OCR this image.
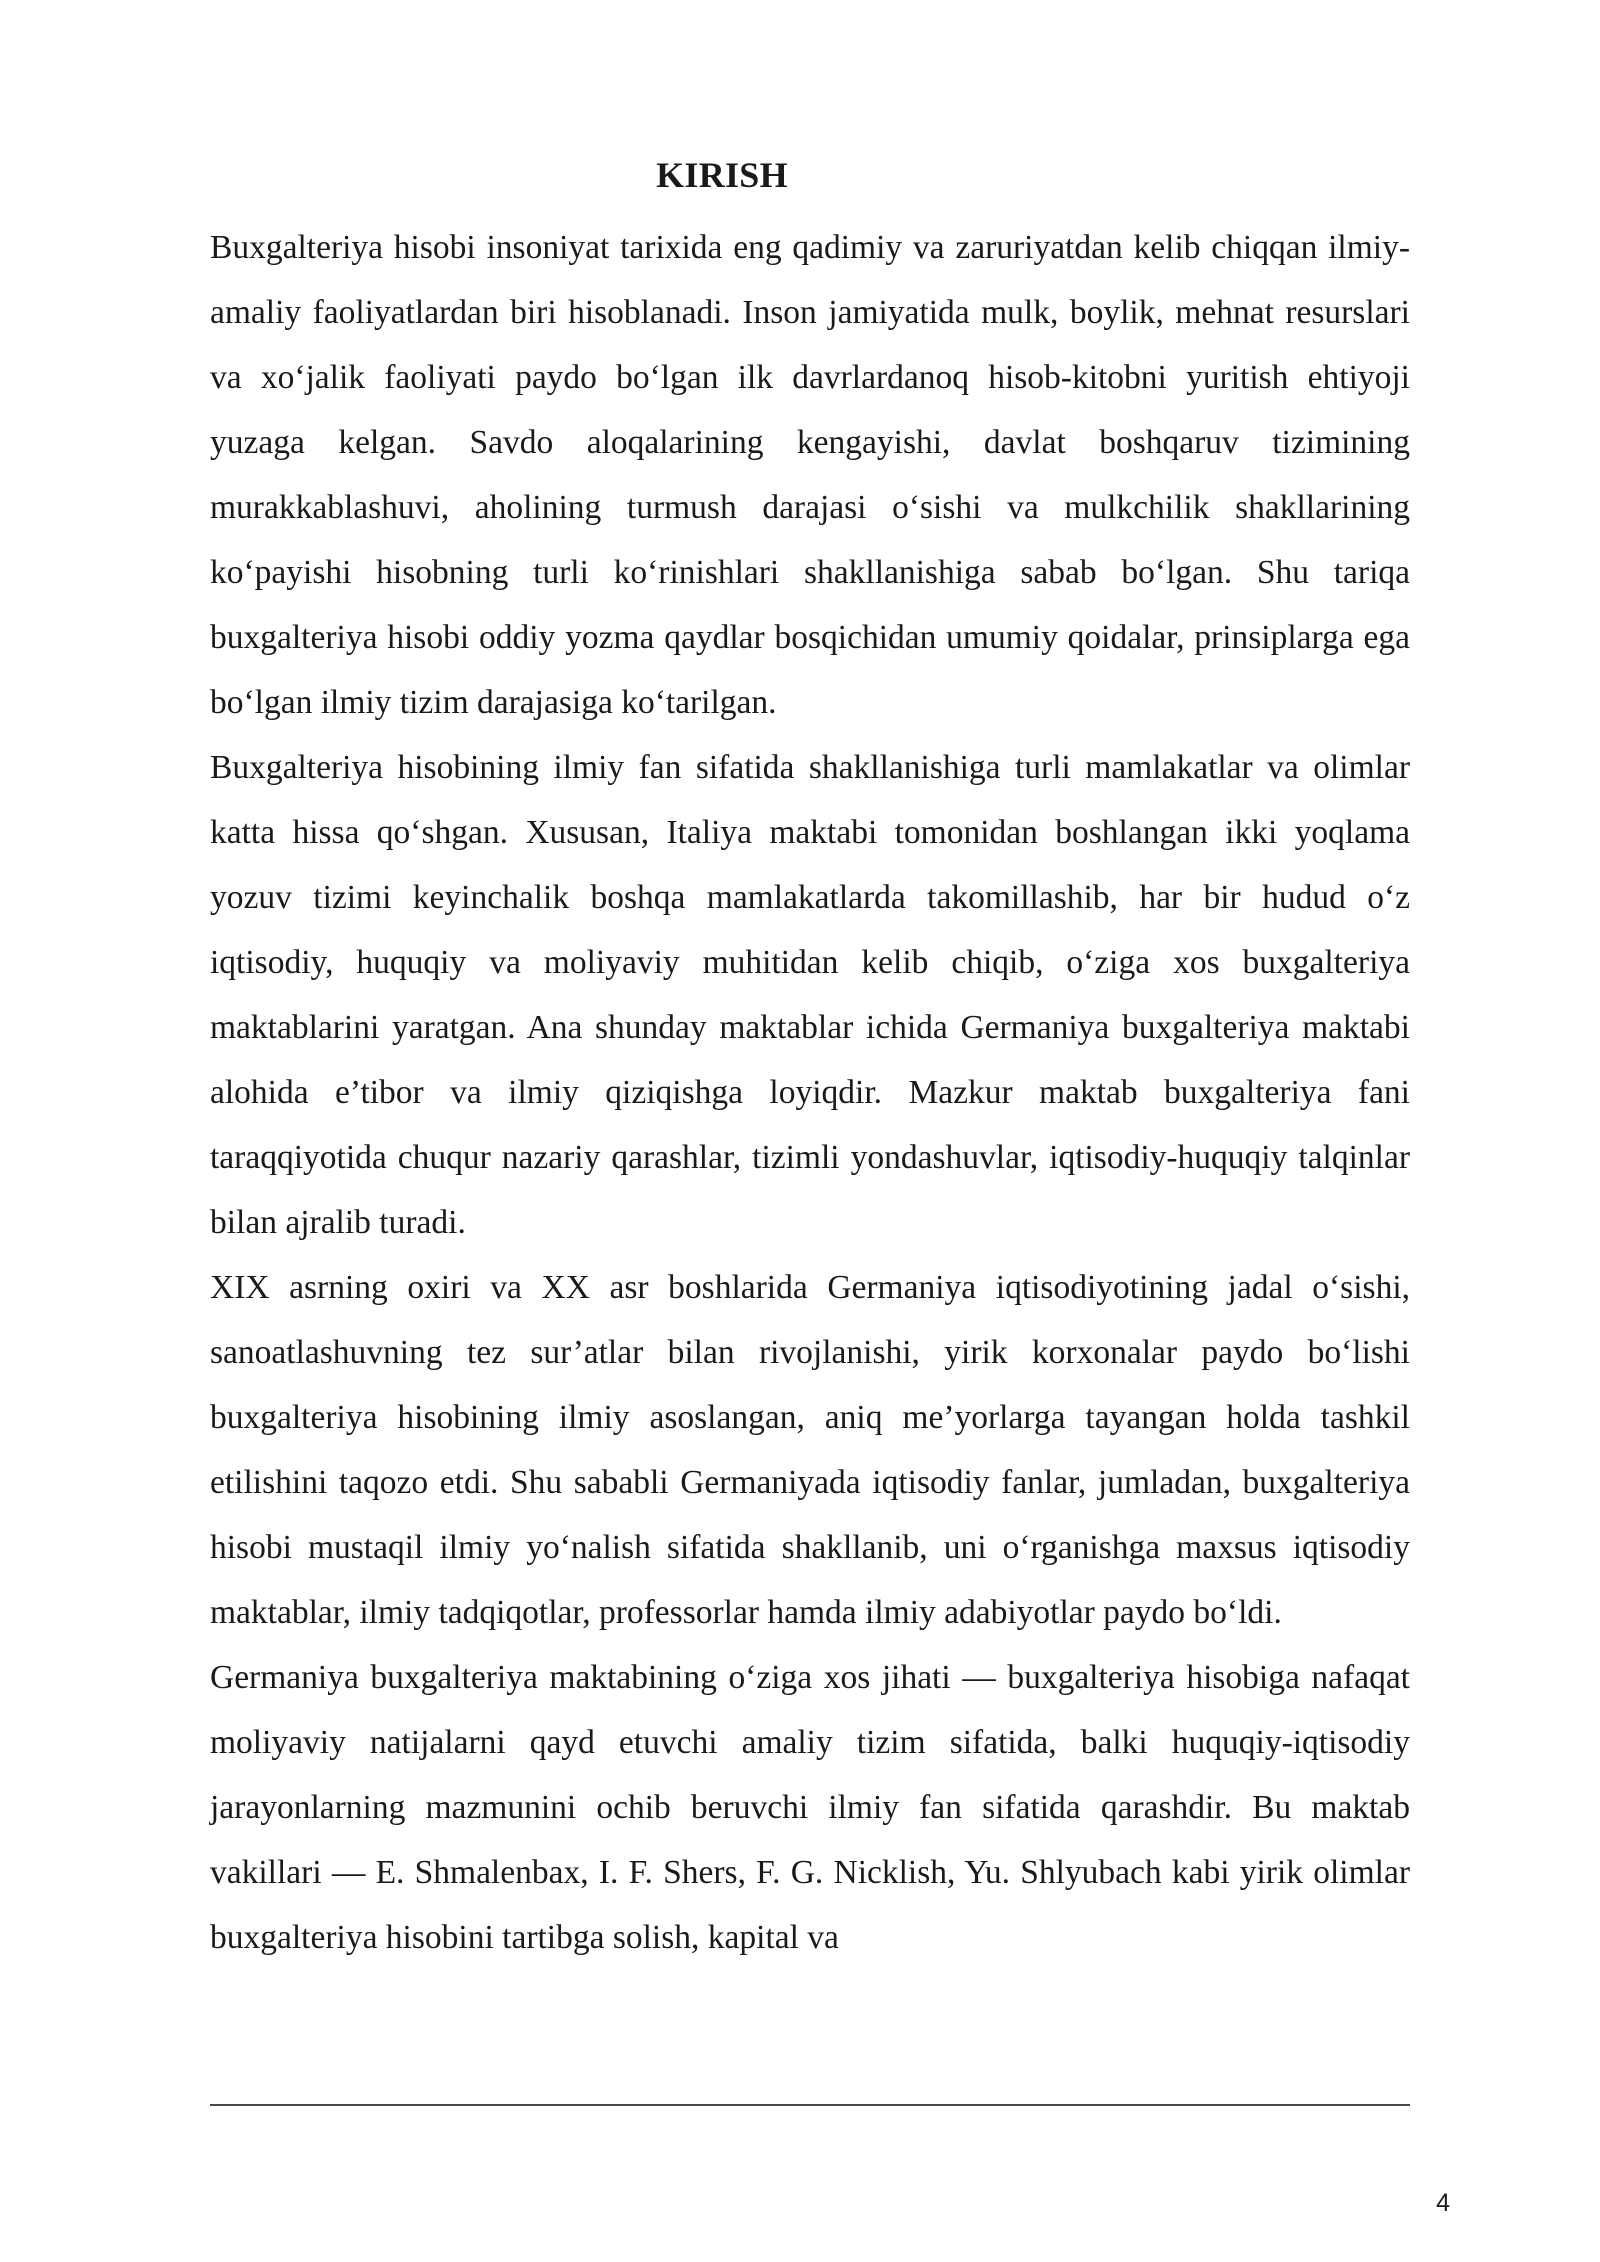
KIRISH

Buxgalteriya hisobi insoniyat tarixida eng qadimiy va zaruriyatdan kelib chiqqan ilmiy-amaliy faoliyatlardan biri hisoblanadi. Inson jamiyatida mulk, boylik, mehnat resurslari va xo‘jalik faoliyati paydo bo‘lgan ilk davrlardanoq hisob-kitobni yuritish ehtiyoji yuzaga kelgan. Savdo aloqalarining kengayishi, davlat boshqaruv tizimining murakkablashuvi, aholining turmush darajasi o‘sishi va mulkchilik shakllarining ko‘payishi hisobning turli ko‘rinishlari shakllanishiga sabab bo‘lgan. Shu tariqa buxgalteriya hisobi oddiy yozma qaydlar bosqichidan umumiy qoidalar, prinsiplarga ega bo‘lgan ilmiy tizim darajasiga ko‘tarilgan.

Buxgalteriya hisobining ilmiy fan sifatida shakllanishiga turli mamlakatlar va olimlar katta hissa qo‘shgan. Xususan, Italiya maktabi tomonidan boshlangan ikki yoqlama yozuv tizimi keyinchalik boshqa mamlakatlarda takomillashib, har bir hudud o‘z iqtisodiy, huquqiy va moliyaviy muhitidan kelib chiqib, o‘ziga xos buxgalteriya maktablarini yaratgan. Ana shunday maktablar ichida Germaniya buxgalteriya maktabi alohida e’tibor va ilmiy qiziqishga loyiqdir. Mazkur maktab buxgalteriya fani taraqqiyotida chuqur nazariy qarashlar, tizimli yondashuvlar, iqtisodiy-huquqiy talqinlar bilan ajralib turadi.

XIX asrning oxiri va XX asr boshlarida Germaniya iqtisodiyotining jadal o‘sishi, sanoatlashuvning tez sur’atlar bilan rivojlanishi, yirik korxonalar paydo bo‘lishi buxgalteriya hisobining ilmiy asoslangan, aniq me’yorlarga tayangan holda tashkil etilishini taqozo etdi. Shu sababli Germaniyada iqtisodiy fanlar, jumladan, buxgalteriya hisobi mustaqil ilmiy yo‘nalish sifatida shakllanib, uni o‘rganishga maxsus iqtisodiy maktablar, ilmiy tadqiqotlar, professorlar hamda ilmiy adabiyotlar paydo bo‘ldi.

Germaniya buxgalteriya maktabining o‘ziga xos jihati — buxgalteriya hisobiga nafaqat moliyaviy natijalarni qayd etuvchi amaliy tizim sifatida, balki huquqiy-iqtisodiy jarayonlarning mazmunini ochib beruvchi ilmiy fan sifatida qarashdir. Bu maktab vakillari — E. Shmalenbax, I. F. Shers, F. G. Nicklish, Yu. Shlyubach kabi yirik olimlar buxgalteriya hisobini tartibga solish, kapital va

4
